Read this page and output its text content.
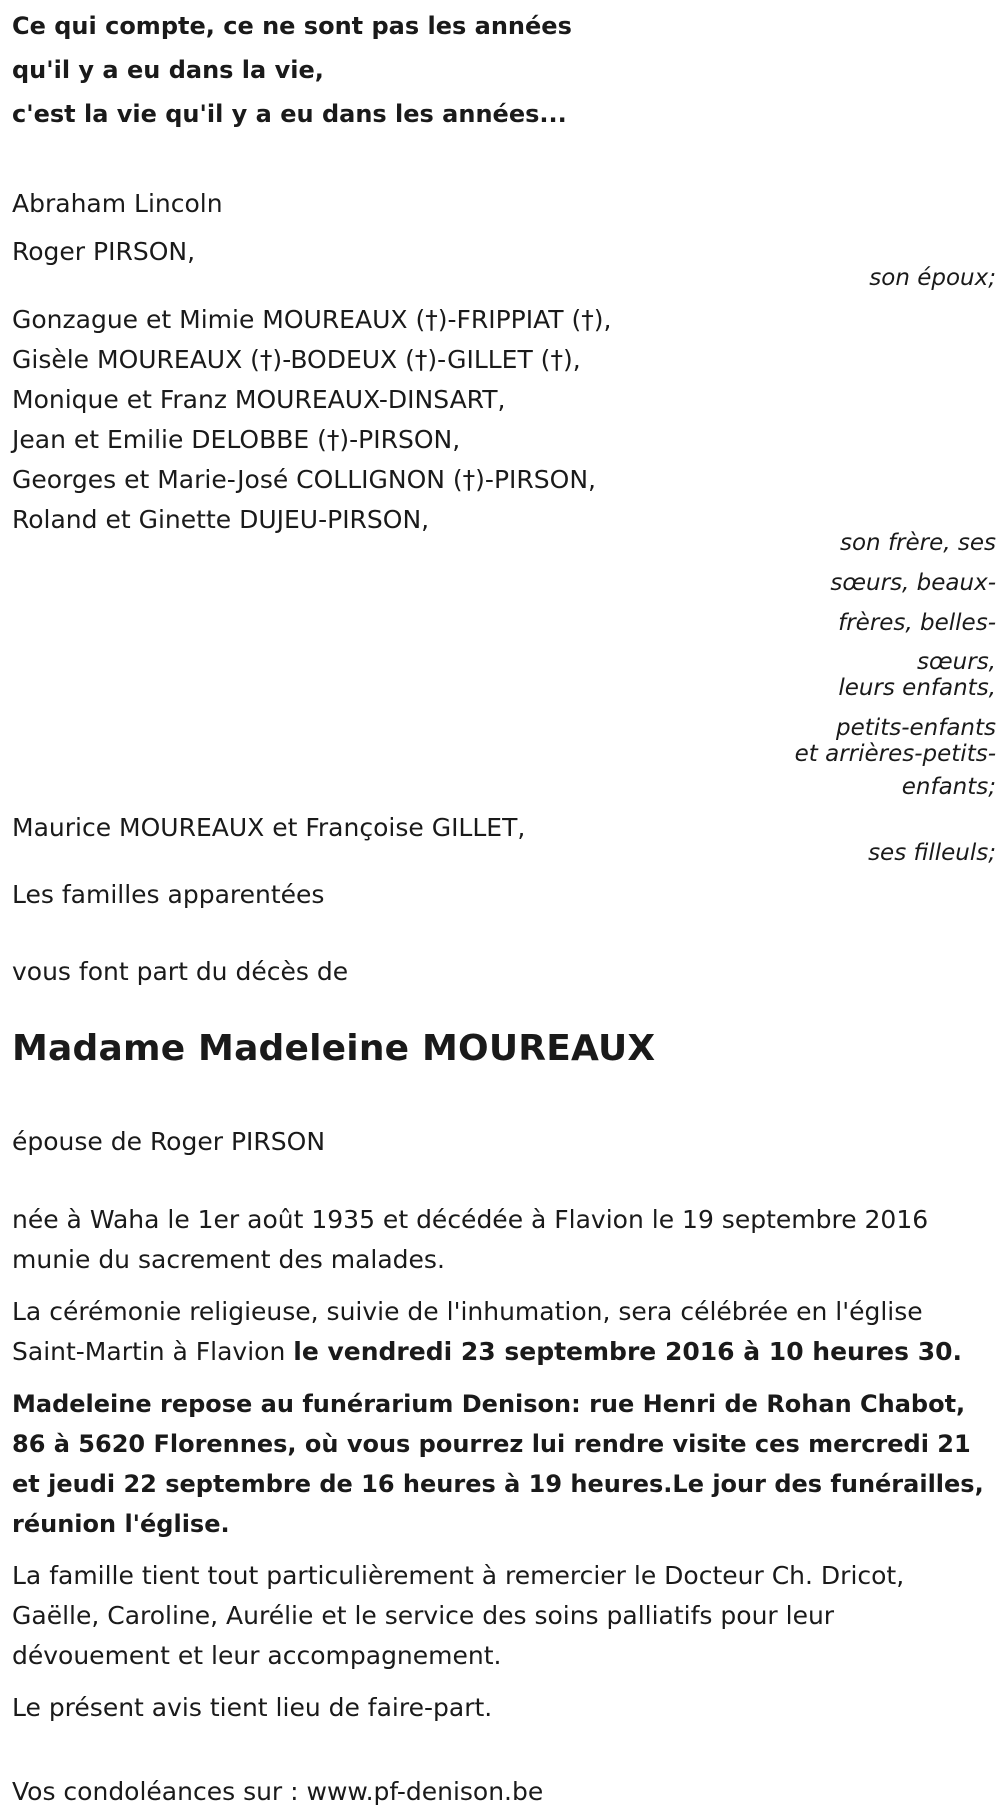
Ce qui compte, ce ne sont pas les années

qu'il y a eu dans la vie,

c'est la vie qu'il y a eu dans les années...

Abraham Lincoln

Roger PIRSON,

son époux;

Gonzague et Mimie MOUREAUX (†)-FRIPPIAT (†),

Gisèle MOUREAUX (†)-BODEUX (†)-GILLET (†),

Monique et Franz MOUREAUX-DINSART,

Jean et Emilie DELOBBE (†)-PIRSON,

Georges et Marie-José COLLIGNON (†)-PIRSON,

Roland et Ginette DUJEU-PIRSON,

son frère, ses
sœurs, beaux-
frères, belles-
sœurs,
leurs enfants,
petits-enfants
et arrières-petits-
enfants;

Maurice MOUREAUX et Françoise GILLET,

ses filleuls;

Les familles apparentées

vous font part du décès de

Madame Madeleine MOUREAUX

épouse de Roger PIRSON

née à Waha le 1er août 1935 et décédée à Flavion le 19 septembre 2016 munie du sacrement des malades.

La cérémonie religieuse, suivie de l'inhumation, sera célébrée en l'église Saint-Martin à Flavion le vendredi 23 septembre 2016 à 10 heures 30.

Madeleine repose au funérarium Denison: rue Henri de Rohan Chabot, 86 à 5620 Florennes, où vous pourrez lui rendre visite ces mercredi 21 et jeudi 22 septembre de 16 heures à 19 heures.Le jour des funérailles, réunion l'église.

La famille tient tout particulièrement à remercier le Docteur Ch. Dricot, Gaëlle, Caroline, Aurélie et le service des soins palliatifs pour leur dévouement et leur accompagnement.

Le présent avis tient lieu de faire-part.

Vos condoléances sur : www.pf-denison.be
